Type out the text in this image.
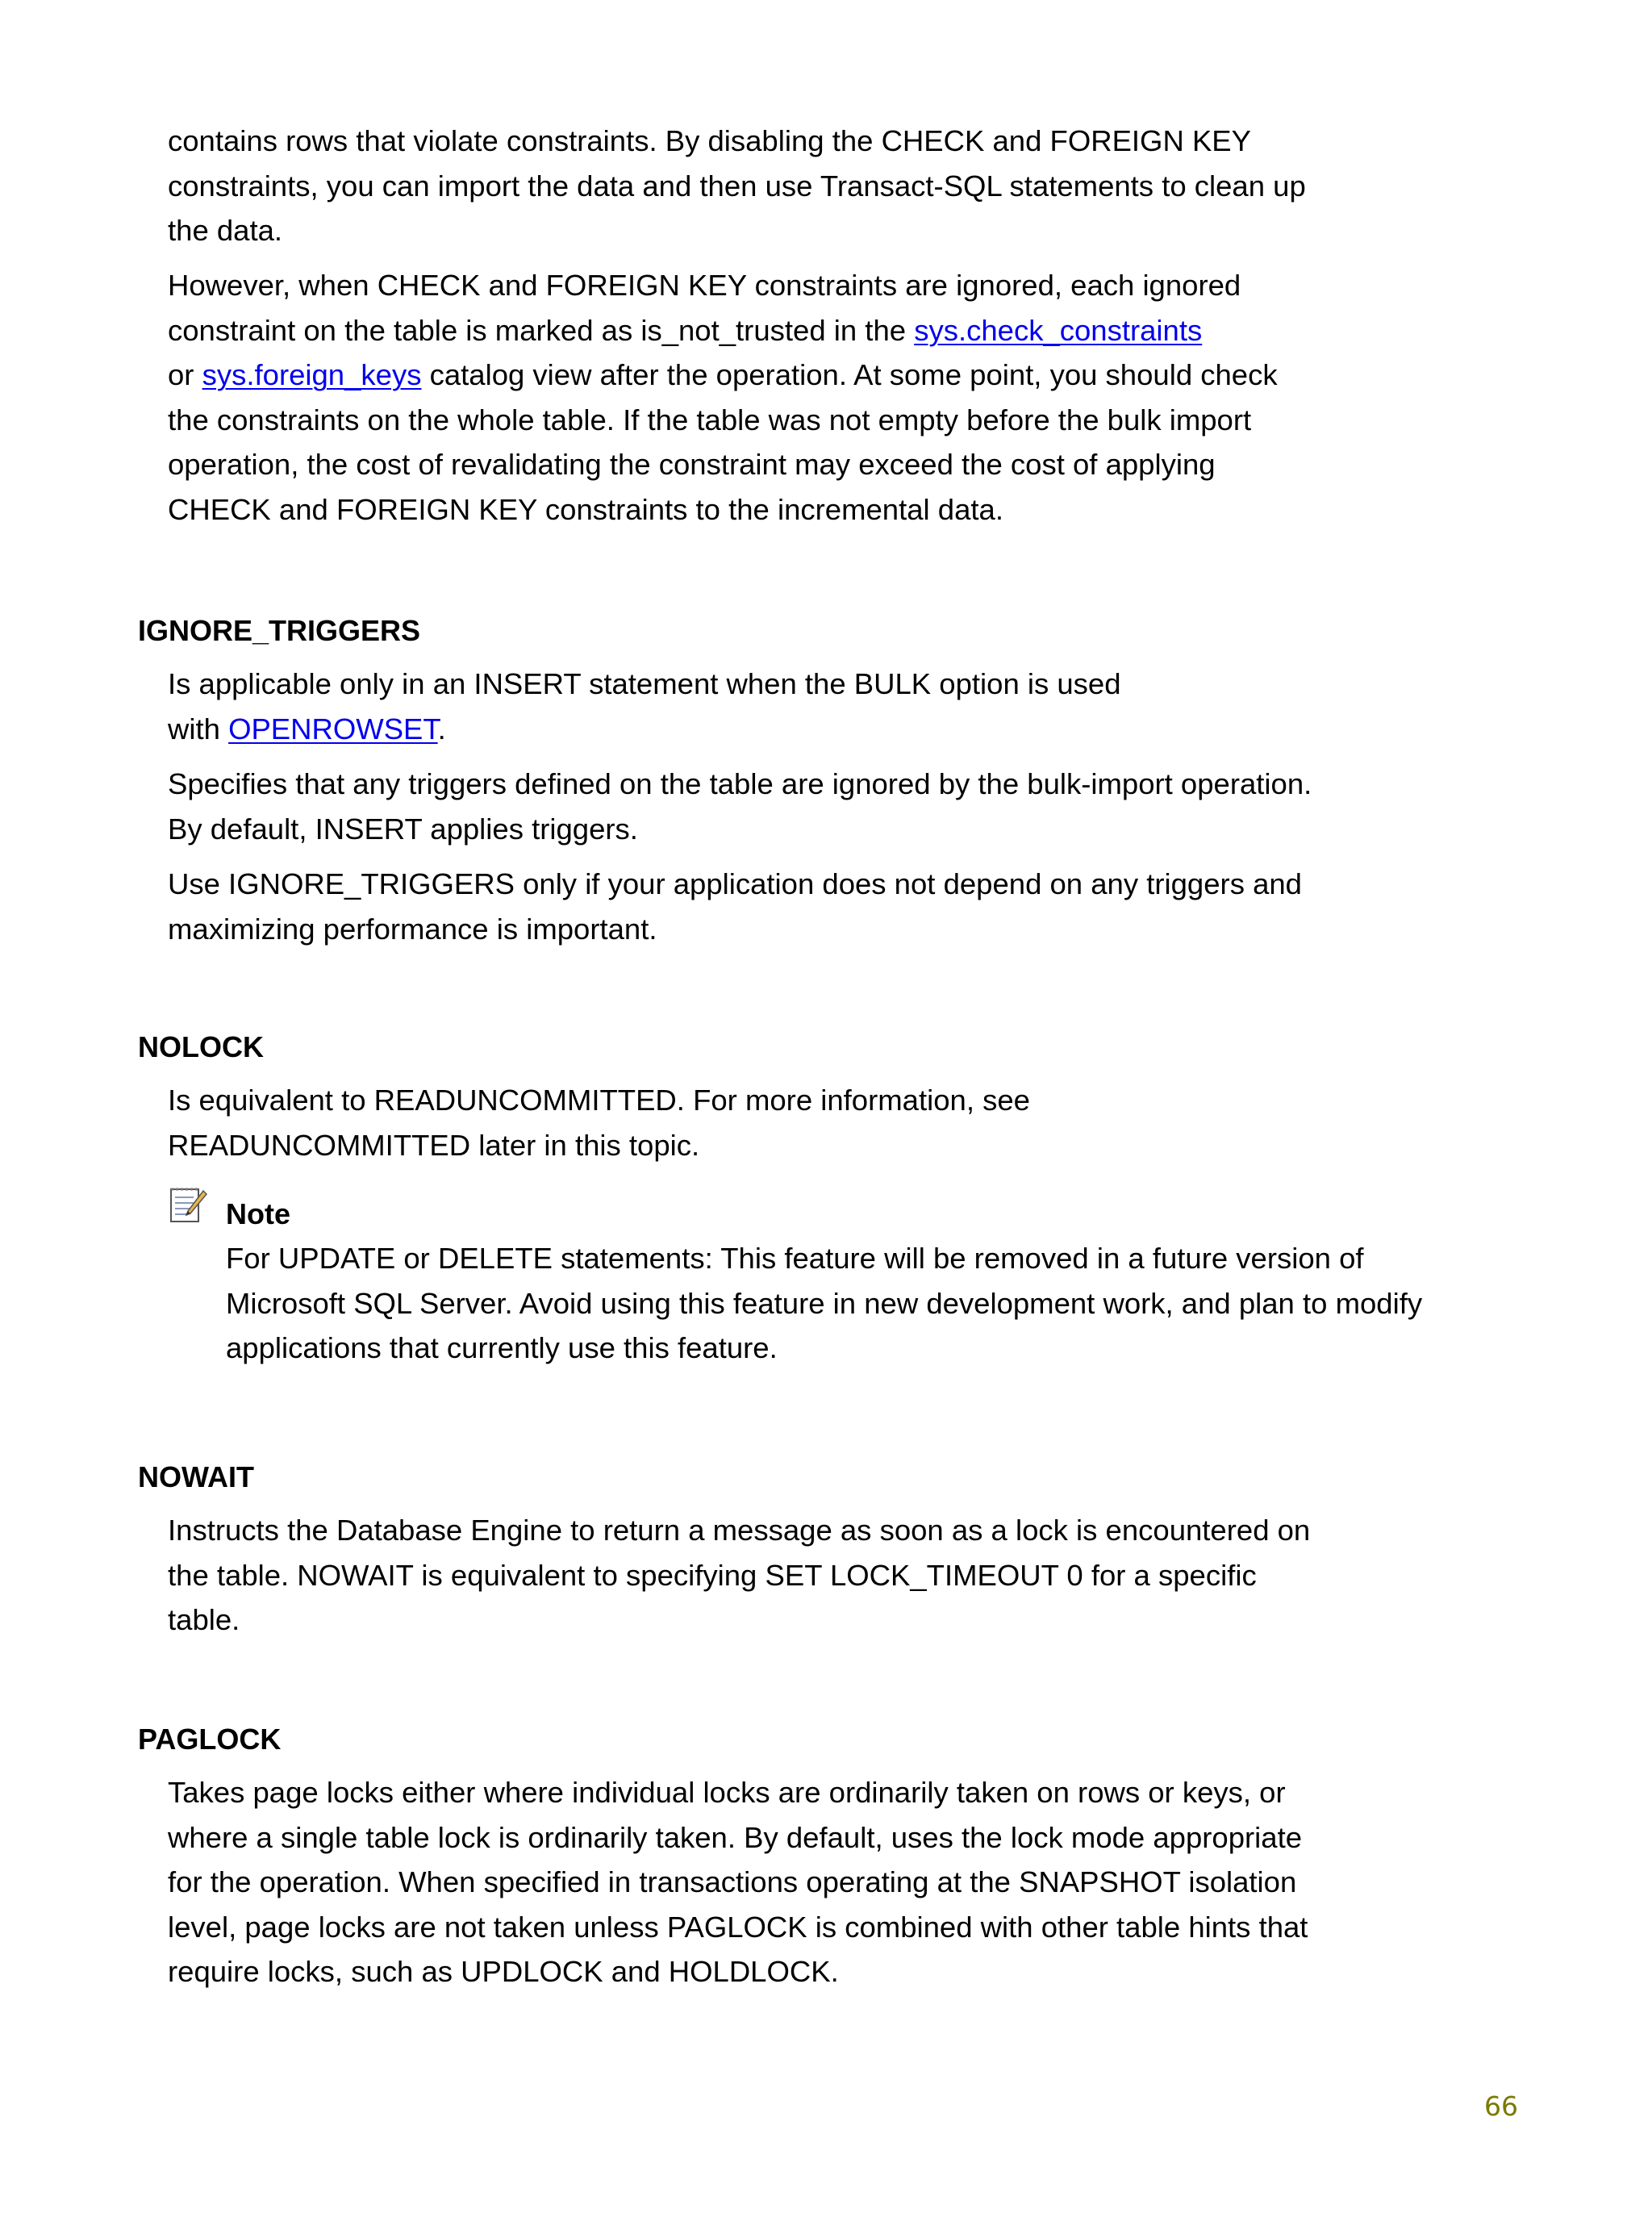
contains rows that violate constraints. By disabling the CHECK and FOREIGN KEY
constraints, you can import the data and then use Transact-SQL statements to clean up
the data.

However, when CHECK and FOREIGN KEY constraints are ignored, each ignored
constraint on the table is marked as is_not_trusted in the sys.check_constraints
or sys.foreign_keys catalog view after the operation. At some point, you should check
the constraints on the whole table. If the table was not empty before the bulk import
operation, the cost of revalidating the constraint may exceed the cost of applying
CHECK and FOREIGN KEY constraints to the incremental data.

IGNORE_TRIGGERS

Is applicable only in an INSERT statement when the BULK option is used
with OPENROWSET.

Specifies that any triggers defined on the table are ignored by the bulk-import operation.
By default, INSERT applies triggers.

Use IGNORE_TRIGGERS only if your application does not depend on any triggers and
maximizing performance is important.

NOLOCK

Is equivalent to READUNCOMMITTED. For more information, see
READUNCOMMITTED later in this topic.

Note

For UPDATE or DELETE statements: This feature will be removed in a future version of
Microsoft SQL Server. Avoid using this feature in new development work, and plan to modify
applications that currently use this feature.

NOWAIT

Instructs the Database Engine to return a message as soon as a lock is encountered on
the table. NOWAIT is equivalent to specifying SET LOCK_TIMEOUT 0 for a specific
table.

PAGLOCK

Takes page locks either where individual locks are ordinarily taken on rows or keys, or
where a single table lock is ordinarily taken. By default, uses the lock mode appropriate
for the operation. When specified in transactions operating at the SNAPSHOT isolation
level, page locks are not taken unless PAGLOCK is combined with other table hints that
require locks, such as UPDLOCK and HOLDLOCK.

66
